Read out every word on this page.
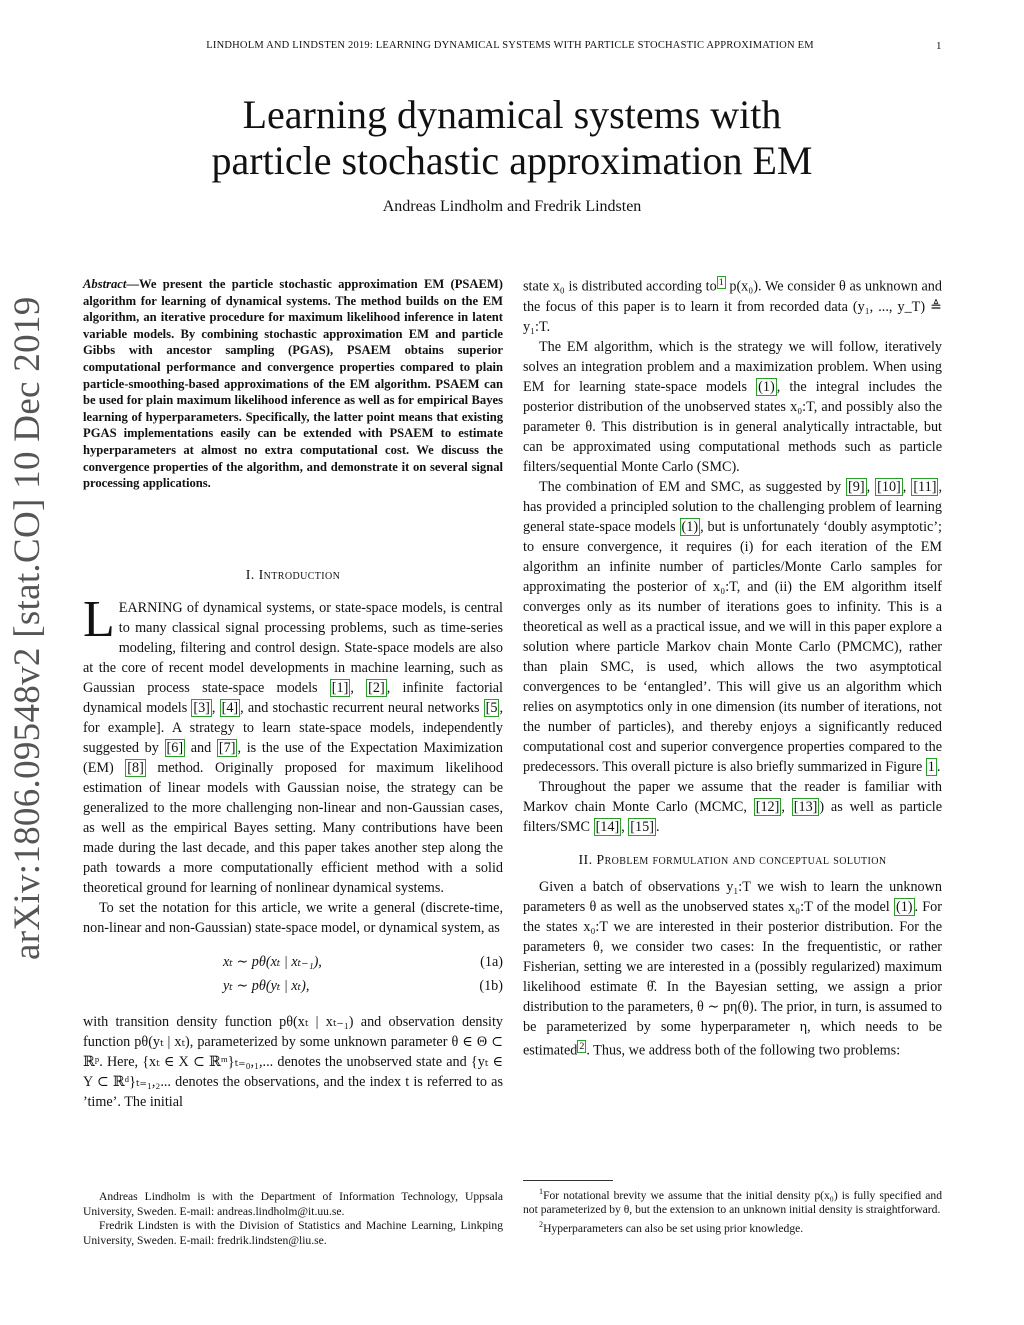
LINDHOLM AND LINDSTEN 2019: LEARNING DYNAMICAL SYSTEMS WITH PARTICLE STOCHASTIC APPROXIMATION EM	1
Learning dynamical systems with
particle stochastic approximation EM
Andreas Lindholm and Fredrik Lindsten
arXiv:1806.09548v2 [stat.CO] 10 Dec 2019
Abstract—We present the particle stochastic approximation EM (PSAEM) algorithm for learning of dynamical systems. The method builds on the EM algorithm, an iterative procedure for maximum likelihood inference in latent variable models. By combining stochastic approximation EM and particle Gibbs with ancestor sampling (PGAS), PSAEM obtains superior computational performance and convergence properties compared to plain particle-smoothing-based approximations of the EM algorithm. PSAEM can be used for plain maximum likelihood inference as well as for empirical Bayes learning of hyperparameters. Specifically, the latter point means that existing PGAS implementations easily can be extended with PSAEM to estimate hyperparameters at almost no extra computational cost. We discuss the convergence properties of the algorithm, and demonstrate it on several signal processing applications.
I. Introduction

LEARNING of dynamical systems, or state-space models, is central to many classical signal processing problems, such as time-series modeling, filtering and control design. State-space models are also at the core of recent model developments in machine learning, such as Gaussian process state-space models [1] , [2] , infinite factorial dynamical models [3] , [4] , and stochastic recurrent neural networks [5 , for example]. A strategy to learn state-space models, independently suggested by [6] and [7] , is the use of the Expectation Maximization (EM) [8] method. Originally proposed for maximum likelihood estimation of linear models with Gaussian noise, the strategy can be generalized to the more challenging non-linear and non-Gaussian cases, as well as the empirical Bayes setting. Many contributions have been made during the last decade, and this paper takes another step along the path towards a more computationally efficient method with a solid theoretical ground for learning of nonlinear dynamical systems.

To set the notation for this article, we write a general (discrete-time, non-linear and non-Gaussian) state-space model, or dynamical system, as

xₜ ∼ pθ(xₜ | xₜ₋₁),	(1a)
yₜ ∼ pθ(yₜ | xₜ),	(1b)

with transition density function pθ(xₜ | xₜ₋₁) and observation density function pθ(yₜ | xₜ), parameterized by some unknown parameter θ ∈ Θ ⊂ ℝᵖ. Here, {xₜ ∈ X ⊂ ℝᵐ}ₜ₌₀,₁,... denotes the unobserved state and {yₜ ∈ Y ⊂ ℝᵈ}ₜ₌₁,₂... denotes the observations, and the index t is referred to as ’time’. The initial

Andreas Lindholm is with the Department of Information Technology, Uppsala University, Sweden. E-mail: andreas.lindholm@it.uu.se.

Fredrik Lindsten is with the Division of Statistics and Machine Learning, Linkping University, Sweden. E-mail: fredrik.lindsten@liu.se.

state x₀ is distributed according to $^1$ p(x₀). We consider θ as unknown and the focus of this paper is to learn it from recorded data (y₁, ..., y_T) ≜ y₁:T.

The EM algorithm, which is the strategy we will follow, iteratively solves an integration problem and a maximization problem. When using EM for learning state-space models (1) , the integral includes the posterior distribution of the unobserved states x₀:T, and possibly also the parameter θ. This distribution is in general analytically intractable, but can be approximated using computational methods such as particle filters/sequential Monte Carlo (SMC).

The combination of EM and SMC, as suggested by [9] , [10] , [11] , has provided a principled solution to the challenging problem of learning general state-space models (1) , but is unfortunately ‘doubly asymptotic’; to ensure convergence, it requires (i) for each iteration of the EM algorithm an infinite number of particles/Monte Carlo samples for approximating the posterior of x₀:T, and (ii) the EM algorithm itself converges only as its number of iterations goes to infinity. This is a theoretical as well as a practical issue, and we will in this paper explore a solution where particle Markov chain Monte Carlo (PMCMC), rather than plain SMC, is used, which allows the two asymptotical convergences to be ‘entangled’. This will give us an algorithm which relies on asymptotics only in one dimension (its number of iterations, not the number of particles), and thereby enjoys a significantly reduced computational cost and superior convergence properties compared to the predecessors. This overall picture is also briefly summarized in Figure 1 .

Throughout the paper we assume that the reader is familiar with Markov chain Monte Carlo (MCMC, [12] , [13] ) as well as particle filters/SMC [14] , [15] .

II. Problem formulation and conceptual solution

Given a batch of observations y₁:T we wish to learn the unknown parameters θ as well as the unobserved states x₀:T of the model (1) . For the states x₀:T we are interested in their posterior distribution. For the parameters θ, we consider two cases: In the frequentistic, or rather Fisherian, setting we are interested in a (possibly regularized) maximum likelihood estimate θ̂. In the Bayesian setting, we assign a prior distribution to the parameters, θ ∼ pη(θ). The prior, in turn, is assumed to be parameterized by some hyperparameter η, which needs to be estimated $^2$ . Thus, we address both of the following two problems:

$^1$For notational brevity we assume that the initial density p(x₀) is fully specified and not parameterized by θ, but the extension to an unknown initial density is straightforward.

$^2$Hyperparameters can also be set using prior knowledge.
